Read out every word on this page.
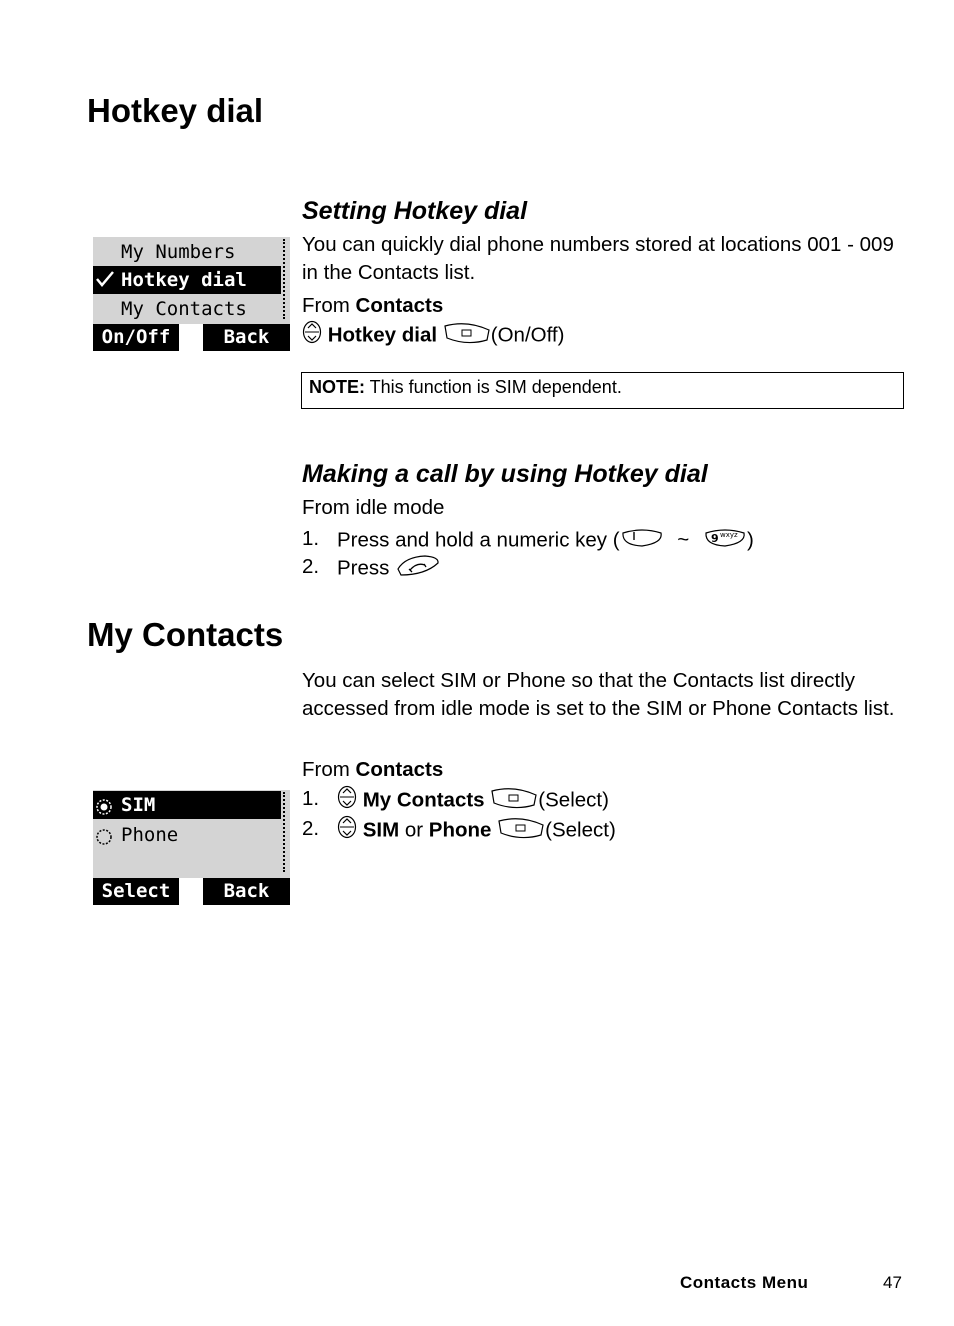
Hotkey dial
Setting Hotkey dial
My Numbers
Hotkey dial
My Contacts
On/Off	Back
You can quickly dial phone numbers stored at locations 001 - 009 in the Contacts list.
From Contacts
Hotkey dial	(On/Off)
NOTE: This function is SIM dependent.
Making a call by using Hotkey dial
From idle mode
1. Press and hold a numeric key (	~ 9 wxyz )
2. Press
My Contacts
You can select SIM or Phone so that the Contacts list directly accessed from idle mode is set to the SIM or Phone Contacts list.
From Contacts
1.	My Contacts	(Select)
2.	SIM or Phone	(Select)
SIM
Phone
Select	Back
Contacts Menu	47
